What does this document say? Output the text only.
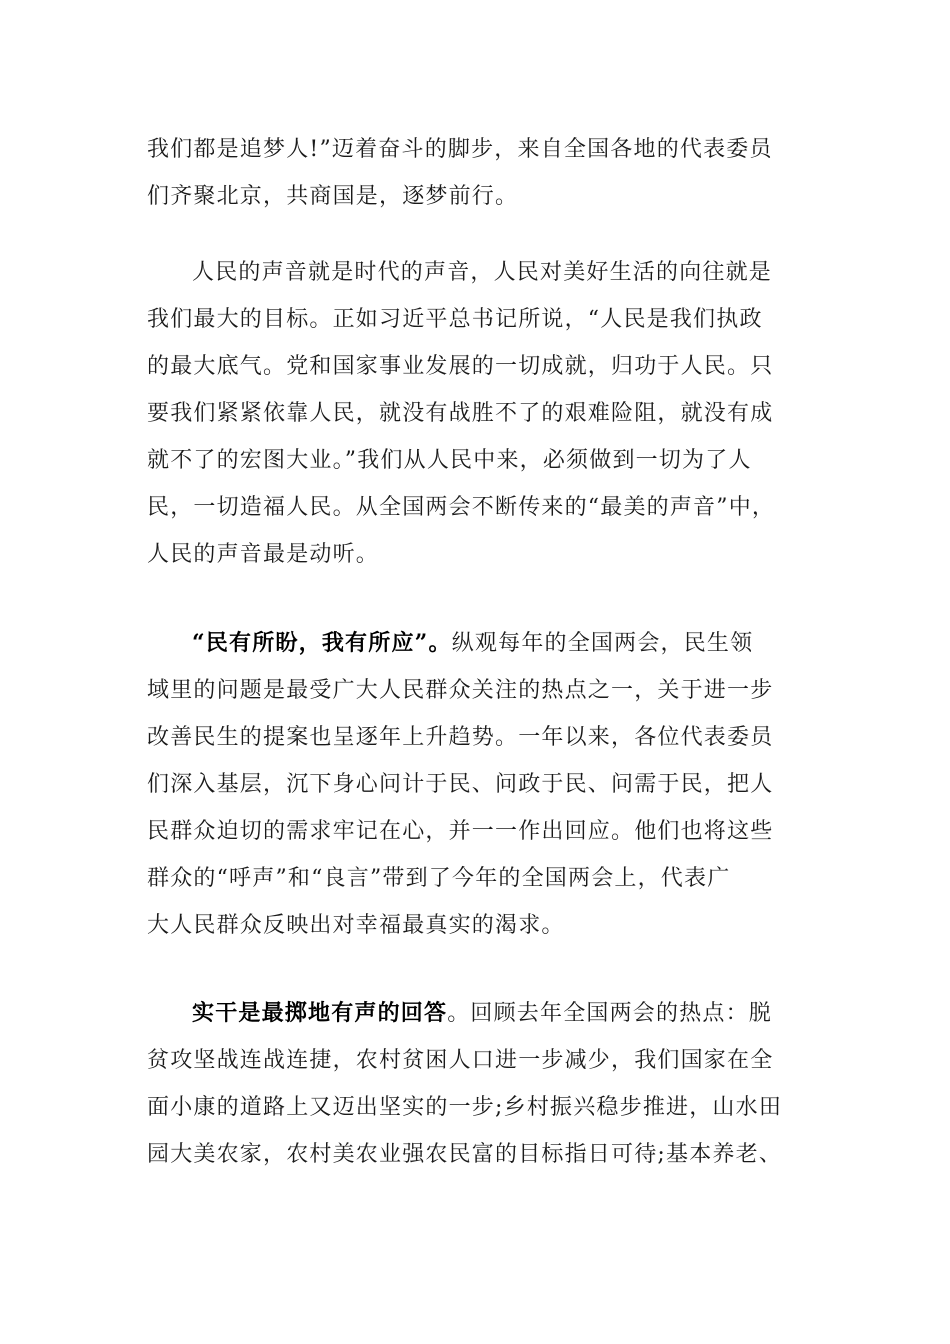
我们都是追梦人!”迈着奋斗的脚步，来自全国各地的代表委员
们齐聚北京，共商国是，逐梦前行。
人民的声音就是时代的声音，人民对美好生活的向往就是
我们最大的目标。正如习近平总书记所说，“人民是我们执政
的最大底气。党和国家事业发展的一切成就，归功于人民。只
要我们紧紧依靠人民，就没有战胜不了的艰难险阻，就没有成
就不了的宏图大业。”我们从人民中来，必须做到一切为了人
民，一切造福人民。从全国两会不断传来的“最美的声音”中，
人民的声音最是动听。
“民有所盼，我有所应”。纵观每年的全国两会，民生领
域里的问题是最受广大人民群众关注的热点之一，关于进一步
改善民生的提案也呈逐年上升趋势。一年以来，各位代表委员
们深入基层，沉下身心问计于民、问政于民、问需于民，把人
民群众迫切的需求牢记在心，并一一作出回应。他们也将这些
群众的“呼声”和“良言”带到了今年的全国两会上，代表广
大人民群众反映出对幸福最真实的渴求。
实干是最掷地有声的回答。回顾去年全国两会的热点：脱
贫攻坚战连战连捷，农村贫困人口进一步减少，我们国家在全
面小康的道路上又迈出坚实的一步;乡村振兴稳步推进，山水田
园大美农家，农村美农业强农民富的目标指日可待;基本养老、
